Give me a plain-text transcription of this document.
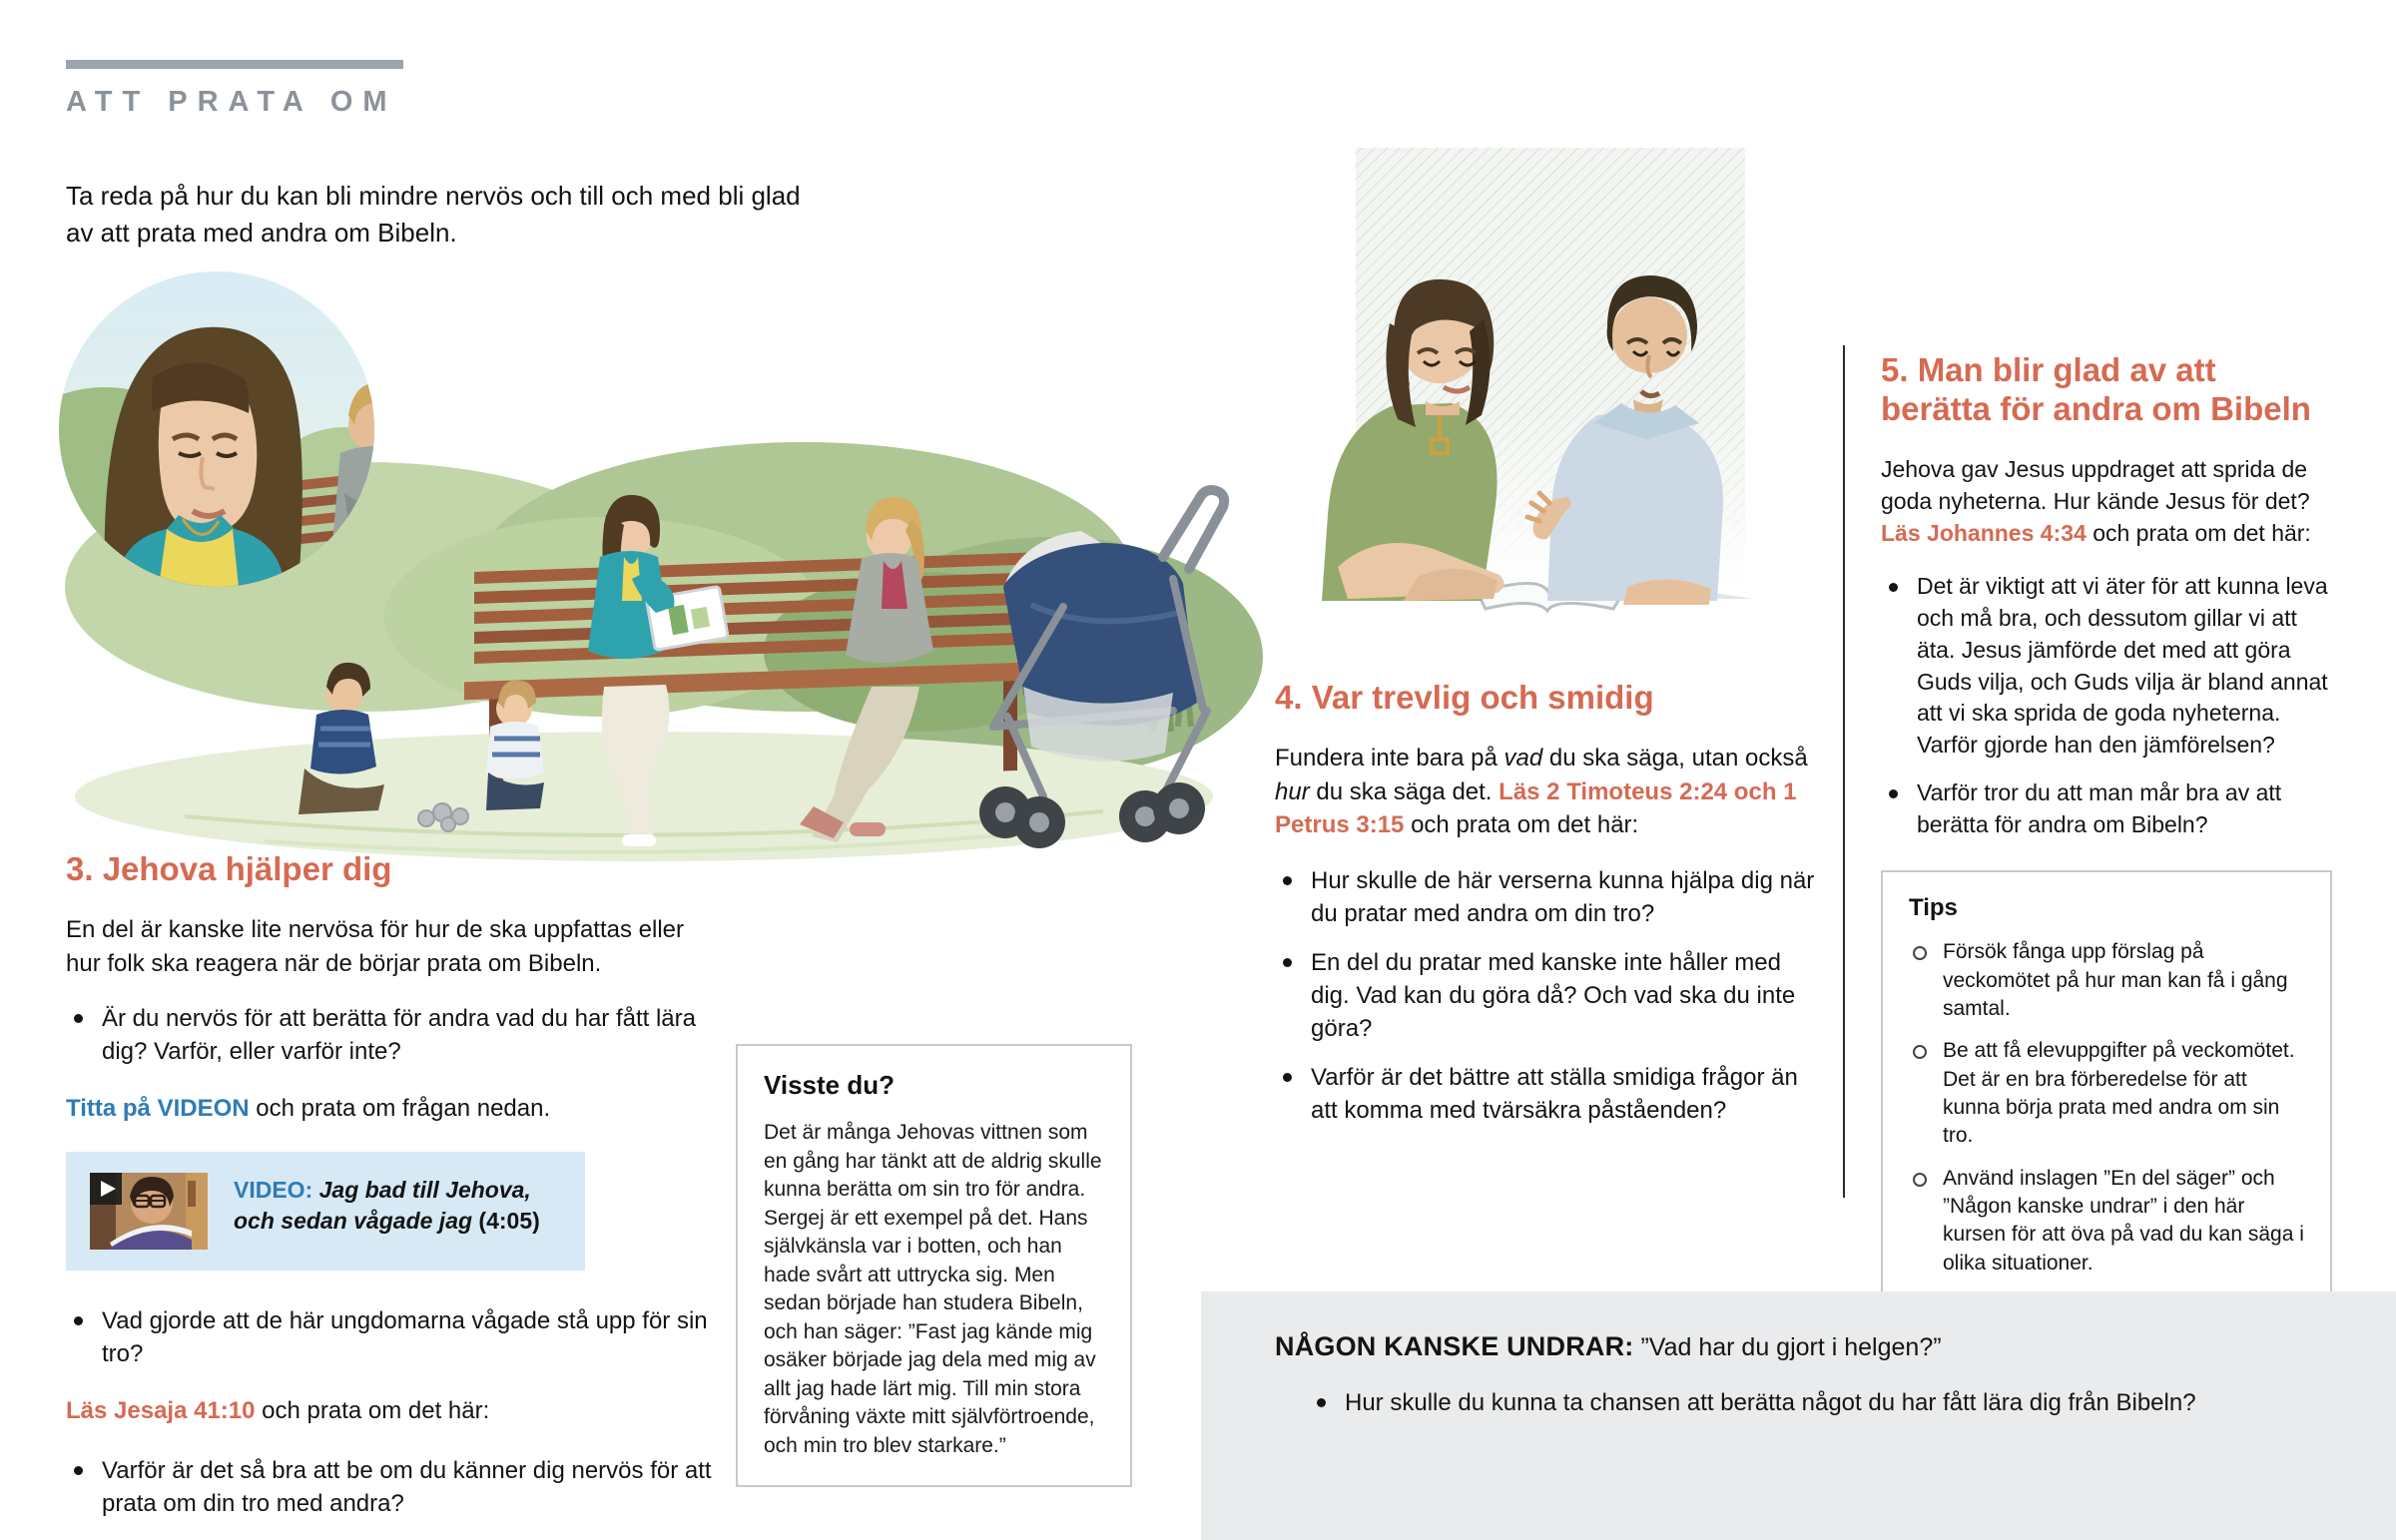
ATT PRATA OM

Ta reda på hur du kan bli mindre nervös och till och med bli glad av att prata med andra om Bibeln.

3. Jehova hjälper dig

En del är kanske lite nervösa för hur de ska uppfattas eller hur folk ska reagera när de börjar prata om Bibeln.

Är du nervös för att berätta för andra vad du har fått lära dig? Varför, eller varför inte?

Titta på VIDEON och prata om frågan nedan.

VIDEO: Jag bad till Jehova, och sedan vågade jag (4:05)
Vad gjorde att de här ungdomarna vågade stå upp för sin tro?

Läs Jesaja 41:10 och prata om det här:

Varför är det så bra att be om du känner dig nervös för att prata om din tro med andra?
Visste du?

Det är många Jehovas vittnen som en gång har tänkt att de aldrig skulle kunna berätta om sin tro för andra. Sergej är ett exempel på det. Hans självkänsla var i botten, och han hade svårt att uttrycka sig. Men sedan började han studera Bibeln, och han säger: ”Fast jag kände mig osäker började jag dela med mig av allt jag hade lärt mig. Till min stora förvåning växte mitt självförtroende, och min tro blev starkare.”

4. Var trevlig och smidig

Fundera inte bara på vad du ska säga, utan också hur du ska säga det. Läs 2 Timoteus 2:24 och 1 Petrus 3:15 och prata om det här:

Hur skulle de här verserna kunna hjälpa dig när du pratar med andra om din tro?
En del du pratar med kanske inte håller med dig. Vad kan du göra då? Och vad ska du inte göra?
Varför är det bättre att ställa smidiga frågor än att komma med tvärsäkra påståenden?
5. Man blir glad av att berätta för andra om Bibeln

Jehova gav Jesus uppdraget att sprida de goda nyheterna. Hur kände Jesus för det? Läs Johannes 4:34 och prata om det här:

Det är viktigt att vi äter för att kunna leva och må bra, och dessutom gillar vi att äta. Jesus jämförde det med att göra Guds vilja, och Guds vilja är bland annat att vi ska sprida de goda nyheterna. Varför gjorde han den jämförelsen?
Varför tror du att man mår bra av att berätta för andra om Bibeln?
Tips
Försök fånga upp förslag på veckomötet på hur man kan få i gång samtal.
Be att få elevuppgifter på veckomötet. Det är en bra förberedelse för att kunna börja prata med andra om sin tro.
Använd inslagen ”En del säger” och ”Någon kanske undrar” i den här kursen för att öva på vad du kan säga i olika situationer.

NÅGON KANSKE UNDRAR: ”Vad har du gjort i helgen?”

Hur skulle du kunna ta chansen att berätta något du har fått lära dig från Bibeln?
